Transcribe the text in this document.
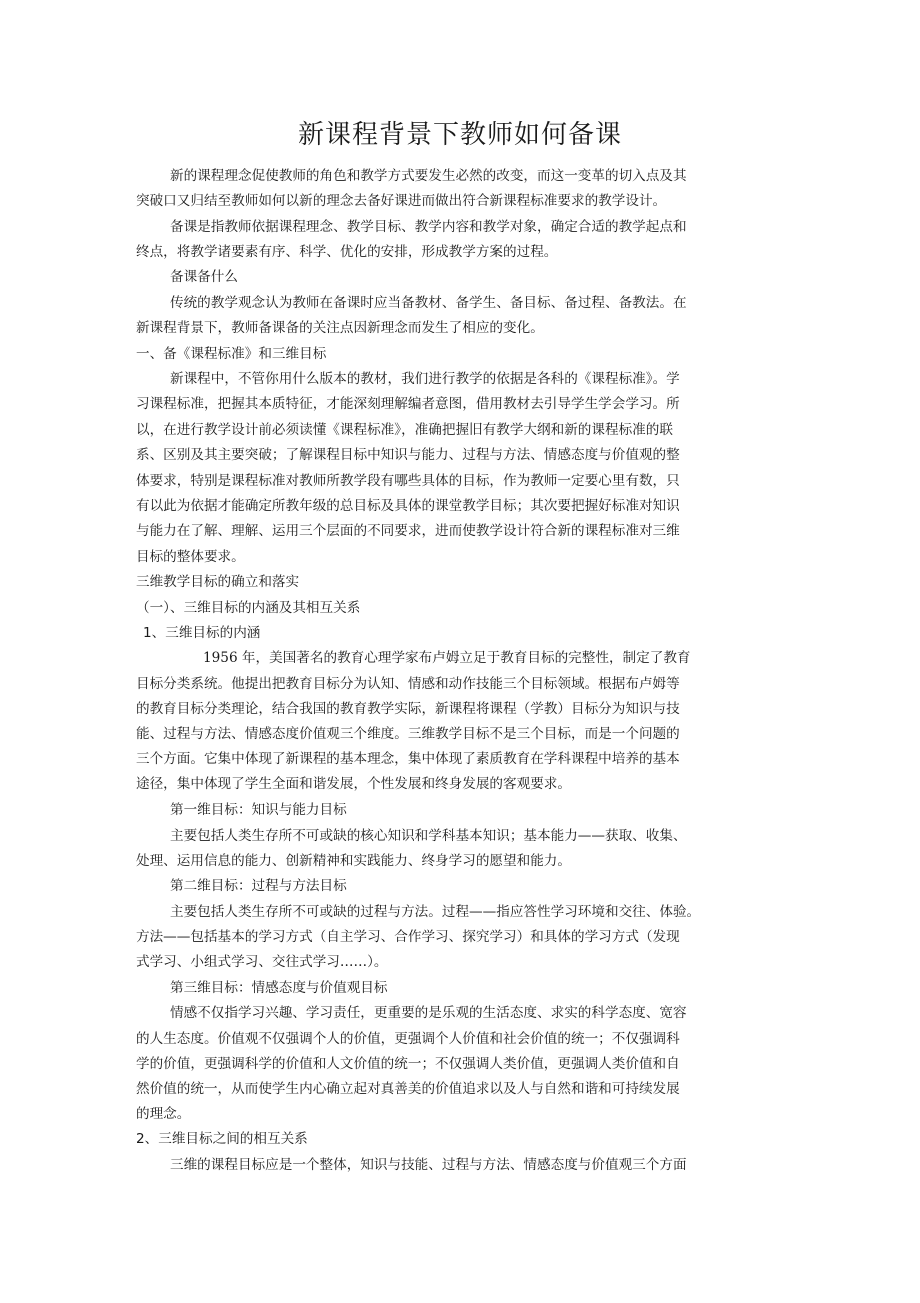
新课程背景下教师如何备课
新的课程理念促使教师的角色和教学方式要发生必然的改变，而这一变革的切入点及其
突破口又归结至教师如何以新的理念去备好课进而做出符合新课程标准要求的教学设计。
备课是指教师依据课程理念、教学目标、教学内容和教学对象，确定合适的教学起点和
终点，将教学诸要素有序、科学、优化的安排，形成教学方案的过程。
备课备什么
传统的教学观念认为教师在备课时应当备教材、备学生、备目标、备过程、备教法。在
新课程背景下，教师备课备的关注点因新理念而发生了相应的变化。
一、备《课程标准》和三维目标
新课程中，不管你用什么版本的教材，我们进行教学的依据是各科的《课程标准》。学
习课程标准，把握其本质特征，才能深刻理解编者意图，借用教材去引导学生学会学习。所
以，在进行教学设计前必须读懂《课程标准》，准确把握旧有教学大纲和新的课程标准的联
系、区别及其主要突破；了解课程目标中知识与能力、过程与方法、情感态度与价值观的整
体要求，特别是课程标准对教师所教学段有哪些具体的目标，作为教师一定要心里有数，只
有以此为依据才能确定所教年级的总目标及具体的课堂教学目标；其次要把握好标准对知识
与能力在了解、理解、运用三个层面的不同要求，进而使教学设计符合新的课程标准对三维
目标的整体要求。
三维教学目标的确立和落实
（一）、三维目标的内涵及其相互关系
1、三维目标的内涵
1956 年，美国著名的教育心理学家布卢姆立足于教育目标的完整性，制定了教育
目标分类系统。他提出把教育目标分为认知、情感和动作技能三个目标领域。根据布卢姆等
的教育目标分类理论，结合我国的教育教学实际，新课程将课程（学教）目标分为知识与技
能、过程与方法、情感态度价值观三个维度。三维教学目标不是三个目标，而是一个问题的
三个方面。它集中体现了新课程的基本理念，集中体现了素质教育在学科课程中培养的基本
途径，集中体现了学生全面和谐发展，个性发展和终身发展的客观要求。
第一维目标：知识与能力目标
主要包括人类生存所不可或缺的核心知识和学科基本知识；基本能力——获取、收集、
处理、运用信息的能力、创新精神和实践能力、终身学习的愿望和能力。
第二维目标：过程与方法目标
主要包括人类生存所不可或缺的过程与方法。过程——指应答性学习环境和交往、体验。
方法——包括基本的学习方式（自主学习、合作学习、探究学习）和具体的学习方式（发现
式学习、小组式学习、交往式学习……）。
第三维目标：情感态度与价值观目标
情感不仅指学习兴趣、学习责任，更重要的是乐观的生活态度、求实的科学态度、宽容
的人生态度。价值观不仅强调个人的价值，更强调个人价值和社会价值的统一；不仅强调科
学的价值，更强调科学的价值和人文价值的统一；不仅强调人类价值，更强调人类价值和自
然价值的统一，从而使学生内心确立起对真善美的价值追求以及人与自然和谐和可持续发展
的理念。
2、三维目标之间的相互关系
三维的课程目标应是一个整体，知识与技能、过程与方法、情感态度与价值观三个方面
